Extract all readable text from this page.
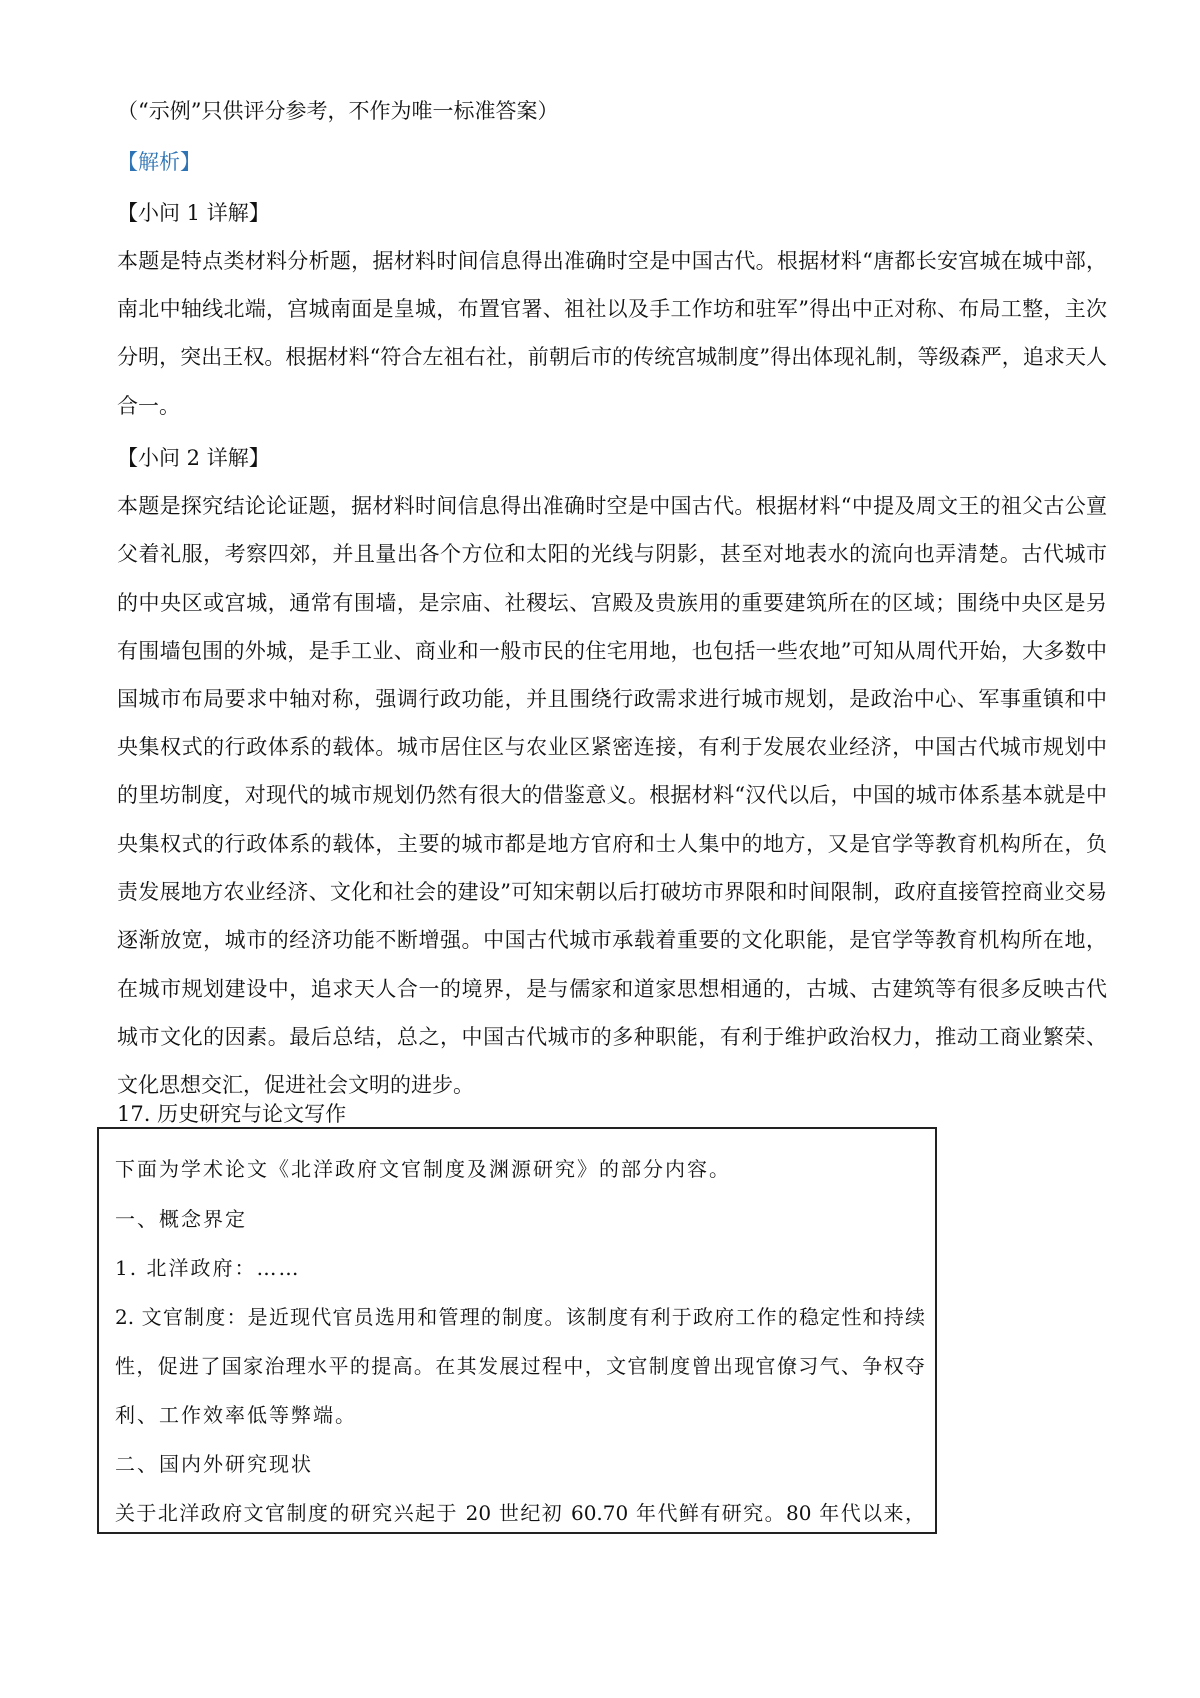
（“示例”只供评分参考，不作为唯一标准答案）
【解析】
【小问 1 详解】
本题是特点类材料分析题，据材料时间信息得出准确时空是中国古代。根据材料“唐都长安宫城在城中部，
南北中轴线北端，宫城南面是皇城，布置官署、祖社以及手工作坊和驻军”得出中正对称、布局工整，主次
分明，突出王权。根据材料“符合左祖右社，前朝后市的传统宫城制度”得出体现礼制，等级森严，追求天人
合一。
【小问 2 详解】
本题是探究结论论证题，据材料时间信息得出准确时空是中国古代。根据材料“中提及周文王的祖父古公亶
父着礼服，考察四郊，并且量出各个方位和太阳的光线与阴影，甚至对地表水的流向也弄清楚。古代城市
的中央区或宫城，通常有围墙，是宗庙、社稷坛、宫殿及贵族用的重要建筑所在的区域；围绕中央区是另
有围墙包围的外城，是手工业、商业和一般市民的住宅用地，也包括一些农地”可知从周代开始，大多数中
国城市布局要求中轴对称，强调行政功能，并且围绕行政需求进行城市规划，是政治中心、军事重镇和中
央集权式的行政体系的载体。城市居住区与农业区紧密连接，有利于发展农业经济，中国古代城市规划中
的里坊制度，对现代的城市规划仍然有很大的借鉴意义。根据材料“汉代以后，中国的城市体系基本就是中
央集权式的行政体系的载体，主要的城市都是地方官府和士人集中的地方，又是官学等教育机构所在，负
责发展地方农业经济、文化和社会的建设”可知宋朝以后打破坊市界限和时间限制，政府直接管控商业交易
逐渐放宽，城市的经济功能不断增强。中国古代城市承载着重要的文化职能，是官学等教育机构所在地，
在城市规划建设中，追求天人合一的境界，是与儒家和道家思想相通的，古城、古建筑等有很多反映古代
城市文化的因素。最后总结，总之，中国古代城市的多种职能，有利于维护政治权力，推动工商业繁荣、
文化思想交汇，促进社会文明的进步。
17. 历史研究与论文写作
下面为学术论文《北洋政府文官制度及渊源研究》的部分内容。
一、概念界定
1. 北洋政府：……
2. 文官制度：是近现代官员选用和管理的制度。该制度有利于政府工作的稳定性和持续
性，促进了国家治理水平的提高。在其发展过程中，文官制度曾出现官僚习气、争权夺
利、工作效率低等弊端。
二、国内外研究现状
关于北洋政府文官制度的研究兴起于 20 世纪初 60.70 年代鲜有研究。80 年代以来，
